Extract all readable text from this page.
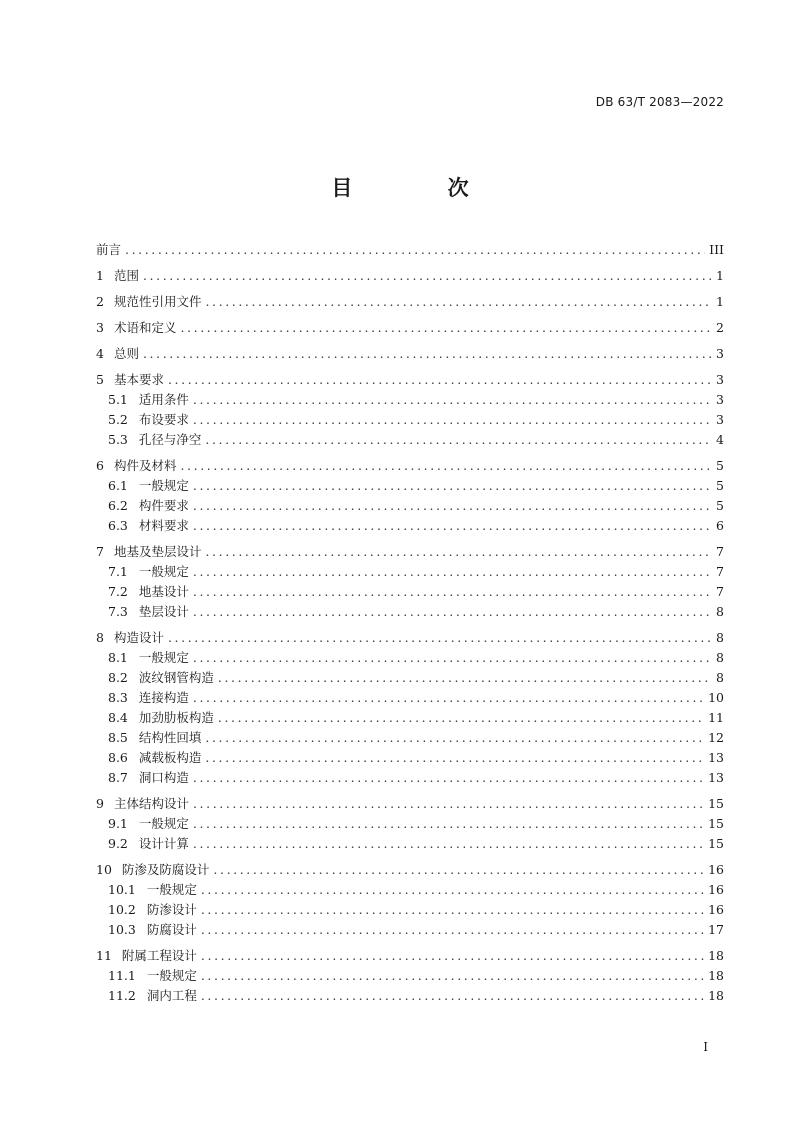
DB 63/T 2083—2022
目 次
前言 .....	III
1 范围 .....	1
2 规范性引用文件 .....	1
3 术语和定义 .....	2
4 总则 .....	3
5 基本要求 .....	3
5.1 适用条件 .....	3
5.2 布设要求 .....	3
5.3 孔径与净空 .....	4
6 构件及材料 .....	5
6.1 一般规定 .....	5
6.2 构件要求 .....	5
6.3 材料要求 .....	6
7 地基及垫层设计 .....	7
7.1 一般规定 .....	7
7.2 地基设计 .....	7
7.3 垫层设计 .....	8
8 构造设计 .....	8
8.1 一般规定 .....	8
8.2 波纹钢管构造 .....	8
8.3 连接构造 .....	10
8.4 加劲肋板构造 .....	11
8.5 结构性回填 .....	12
8.6 减载板构造 .....	13
8.7 洞口构造 .....	13
9 主体结构设计 .....	15
9.1 一般规定 .....	15
9.2 设计计算 .....	15
10 防渗及防腐设计 .....	16
10.1 一般规定 .....	16
10.2 防渗设计 .....	16
10.3 防腐设计 .....	17
11 附属工程设计 .....	18
11.1 一般规定 .....	18
11.2 洞内工程 .....	18
I
